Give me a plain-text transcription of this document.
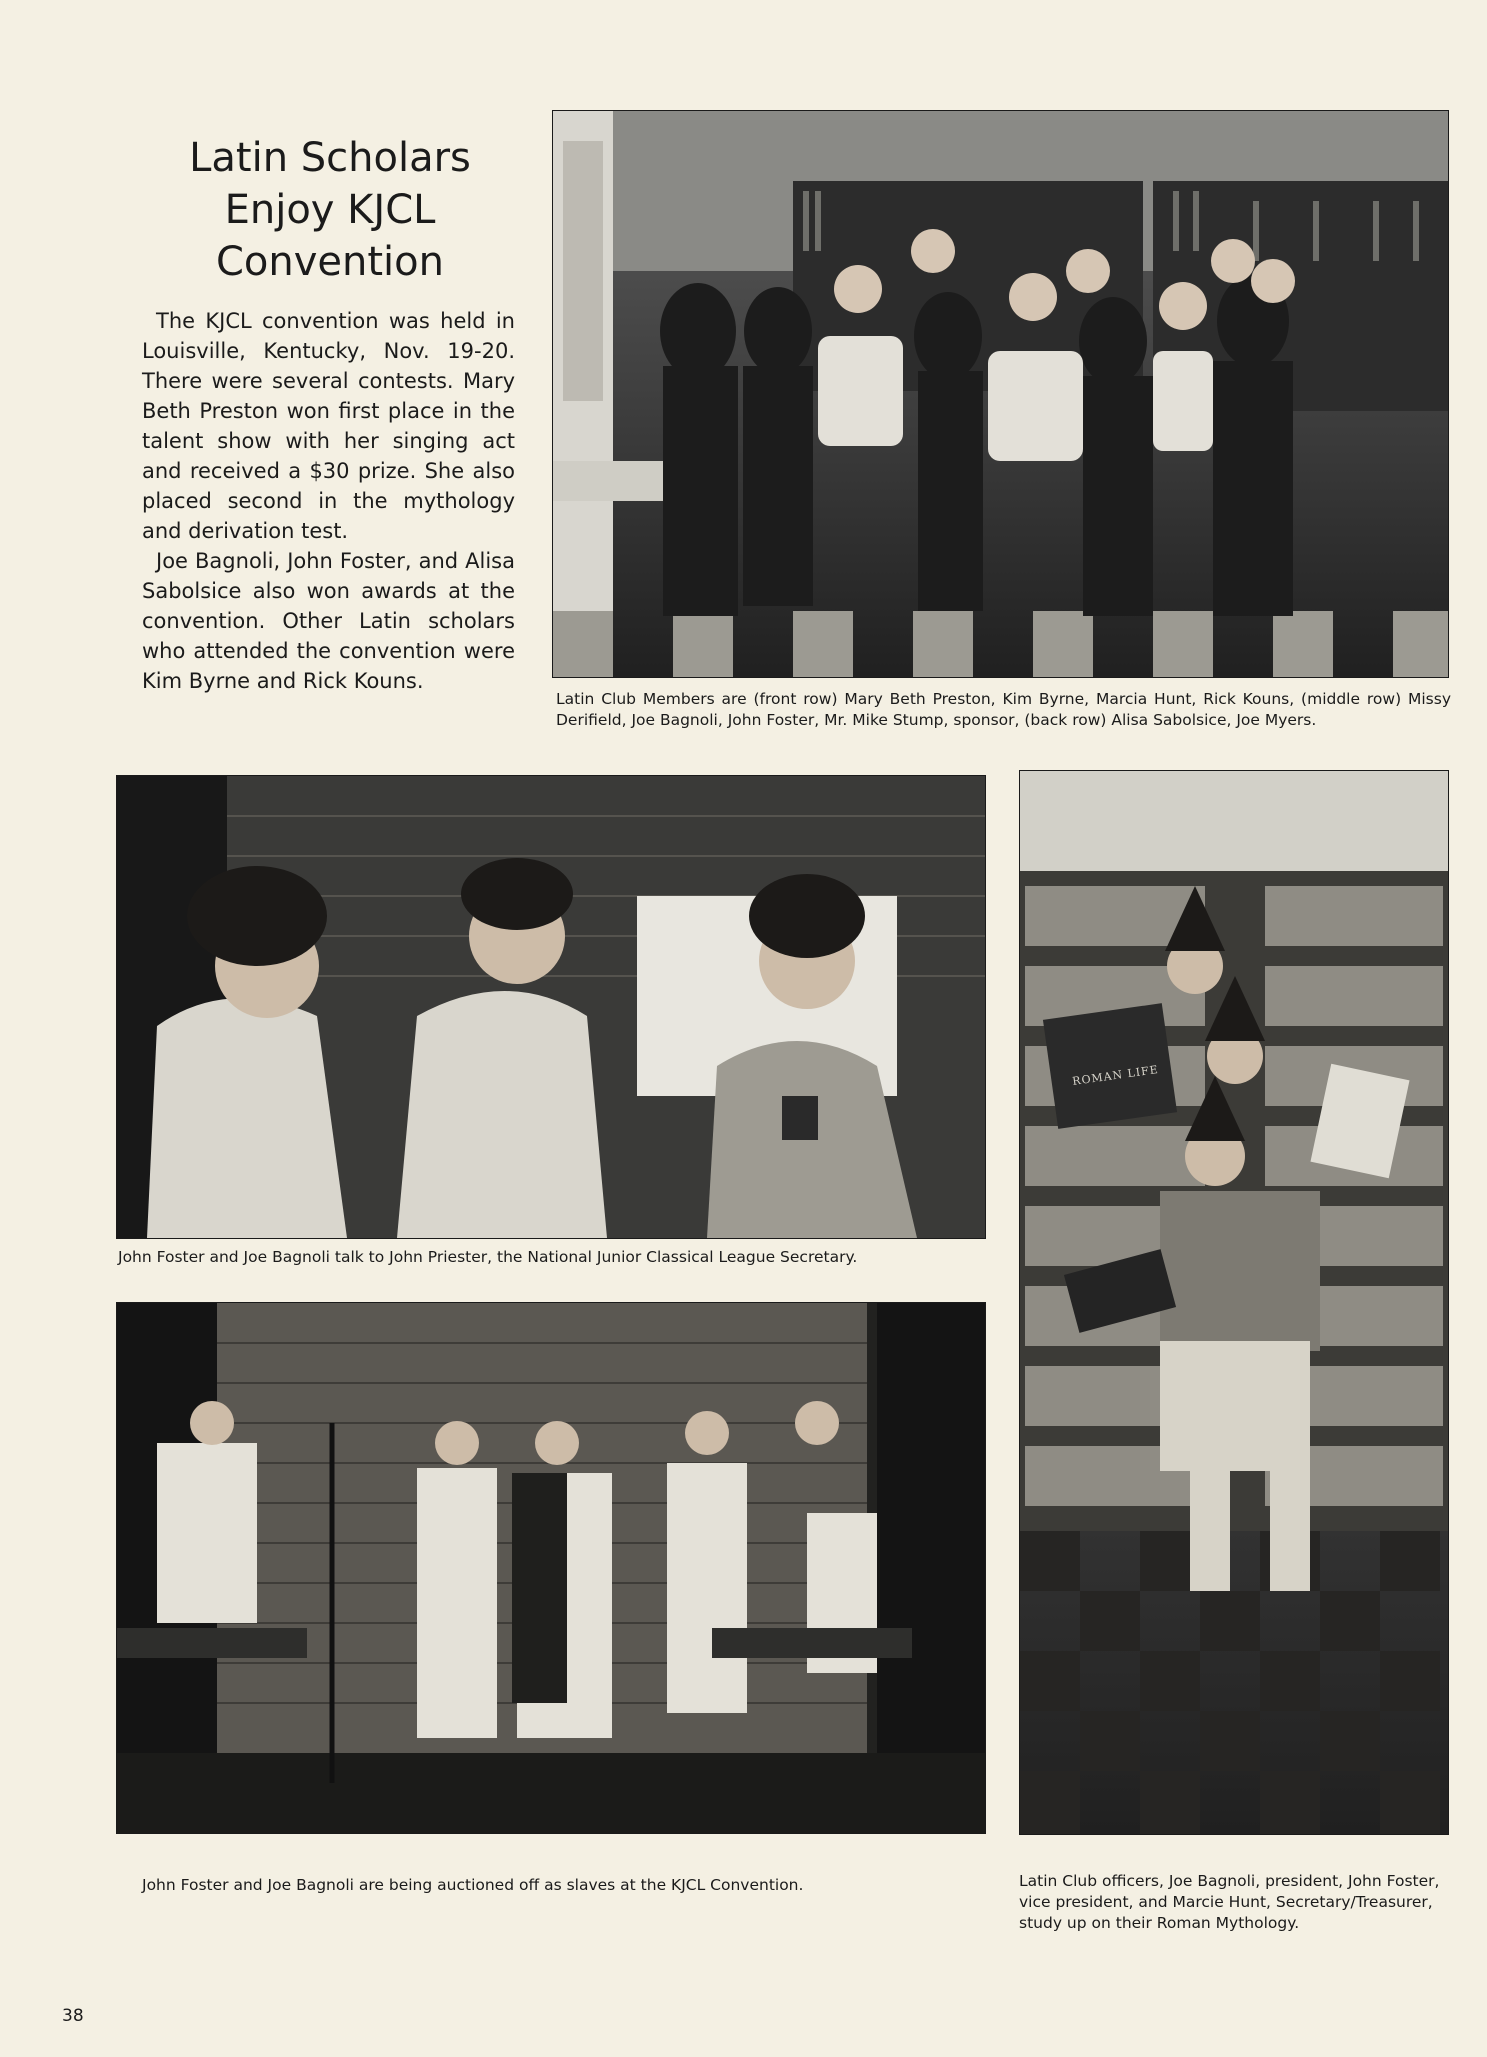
Latin Scholars
Enjoy KJCL
Convention

The KJCL convention was held in Louisville, Kentucky, Nov. 19-20. There were several contests. Mary Beth Preston won first place in the talent show with her singing act and received a $30 prize. She also placed second in the mythology and derivation test.

Joe Bagnoli, John Foster, and Alisa Sabolsice also won awards at the convention. Other Latin scholars who attended the convention were Kim Byrne and Rick Kouns.

Latin Club Members are (front row) Mary Beth Preston, Kim Byrne, Marcia Hunt, Rick Kouns, (middle row) Missy Derifield, Joe Bagnoli, John Foster, Mr. Mike Stump, sponsor, (back row) Alisa Sabolsice, Joe Myers.

John Foster and Joe Bagnoli talk to John Priester, the National Junior Classical League Secretary.

ROMAN LIFE

Latin Club officers, Joe Bagnoli, president, John Foster, vice president, and Marcie Hunt, Secretary/Treasurer, study up on their Roman Mythology.

John Foster and Joe Bagnoli are being auctioned off as slaves at the KJCL Convention.

38
